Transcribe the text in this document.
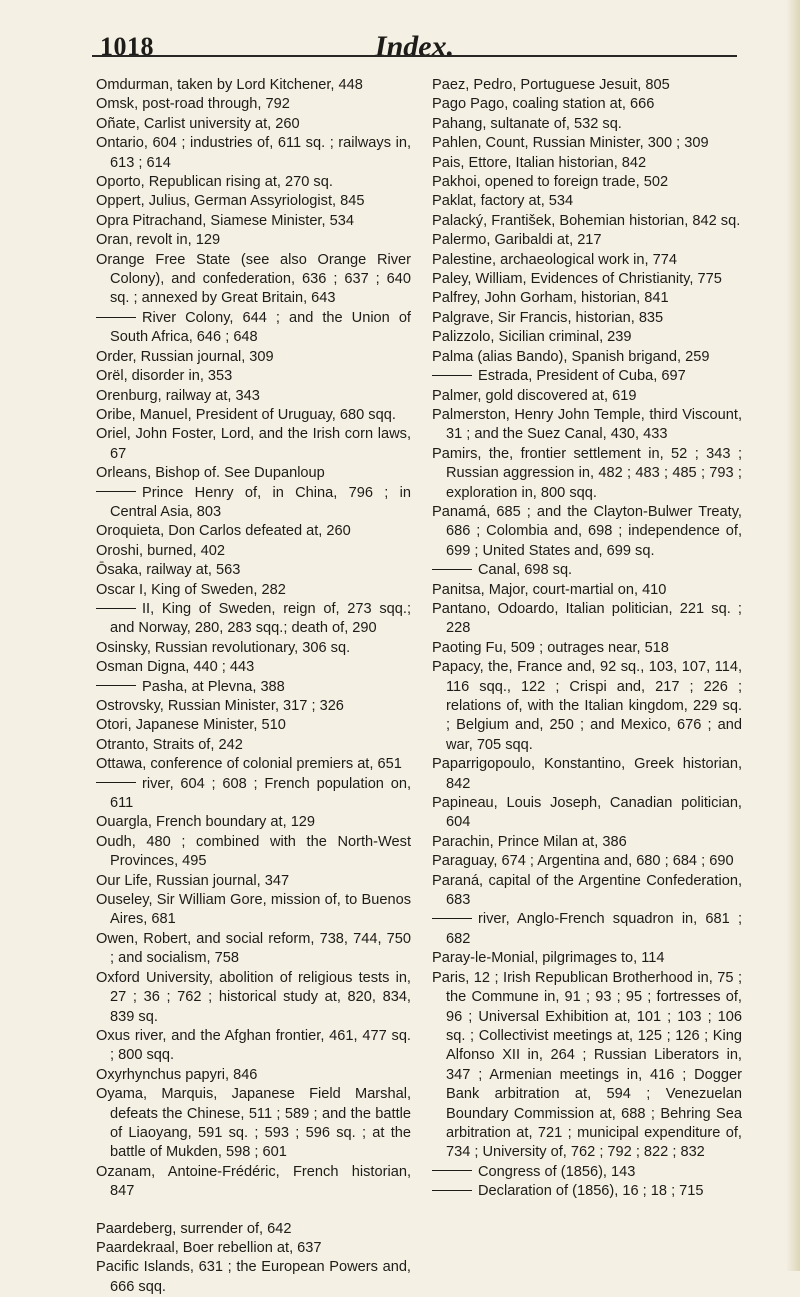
1018	Index.
Omdurman, taken by Lord Kitchener, 448
Omsk, post-road through, 792
Oñate, Carlist university at, 260
Ontario, 604 ; industries of, 611 sq. ; railways in, 613 ; 614
Oporto, Republican rising at, 270 sq.
Oppert, Julius, German Assyriologist, 845
Opra Pitrachand, Siamese Minister, 534
Oran, revolt in, 129
Orange Free State (see also Orange River Colony), and confederation, 636 ; 637 ; 640 sq. ; annexed by Great Britain, 643
River Colony, 644 ; and the Union of South Africa, 646 ; 648
Order, Russian journal, 309
Orël, disorder in, 353
Orenburg, railway at, 343
Oribe, Manuel, President of Uruguay, 680 sqq.
Oriel, John Foster, Lord, and the Irish corn laws, 67
Orleans, Bishop of. See Dupanloup
Prince Henry of, in China, 796 ; in Central Asia, 803
Oroquieta, Don Carlos defeated at, 260
Oroshi, burned, 402
Ōsaka, railway at, 563
Oscar I, King of Sweden, 282
II, King of Sweden, reign of, 273 sqq.; and Norway, 280, 283 sqq.; death of, 290
Osinsky, Russian revolutionary, 306 sq.
Osman Digna, 440 ; 443
Pasha, at Plevna, 388
Ostrovsky, Russian Minister, 317 ; 326
Otori, Japanese Minister, 510
Otranto, Straits of, 242
Ottawa, conference of colonial premiers at, 651
river, 604 ; 608 ; French population on, 611
Ouargla, French boundary at, 129
Oudh, 480 ; combined with the North-West Provinces, 495
Our Life, Russian journal, 347
Ouseley, Sir William Gore, mission of, to Buenos Aires, 681
Owen, Robert, and social reform, 738, 744, 750 ; and socialism, 758
Oxford University, abolition of religious tests in, 27 ; 36 ; 762 ; historical study at, 820, 834, 839 sq.
Oxus river, and the Afghan frontier, 461, 477 sq. ; 800 sqq.
Oxyrhynchus papyri, 846
Oyama, Marquis, Japanese Field Marshal, defeats the Chinese, 511 ; 589 ; and the battle of Liaoyang, 591 sq. ; 593 ; 596 sq. ; at the battle of Mukden, 598 ; 601
Ozanam, Antoine-Frédéric, French historian, 847
Paardeberg, surrender of, 642
Paardekraal, Boer rebellion at, 637
Pacific Islands, 631 ; the European Powers and, 666 sqq.
Paez, Pedro, Portuguese Jesuit, 805
Pago Pago, coaling station at, 666
Pahang, sultanate of, 532 sq.
Pahlen, Count, Russian Minister, 300 ; 309
Pais, Ettore, Italian historian, 842
Pakhoi, opened to foreign trade, 502
Paklat, factory at, 534
Palacký, František, Bohemian historian, 842 sq.
Palermo, Garibaldi at, 217
Palestine, archaeological work in, 774
Paley, William, Evidences of Christianity, 775
Palfrey, John Gorham, historian, 841
Palgrave, Sir Francis, historian, 835
Palizzolo, Sicilian criminal, 239
Palma (alias Bando), Spanish brigand, 259
Estrada, President of Cuba, 697
Palmer, gold discovered at, 619
Palmerston, Henry John Temple, third Viscount, 31 ; and the Suez Canal, 430, 433
Pamirs, the, frontier settlement in, 52 ; 343 ; Russian aggression in, 482 ; 483 ; 485 ; 793 ; exploration in, 800 sqq.
Panamá, 685 ; and the Clayton-Bulwer Treaty, 686 ; Colombia and, 698 ; independence of, 699 ; United States and, 699 sq.
Canal, 698 sq.
Panitsa, Major, court-martial on, 410
Pantano, Odoardo, Italian politician, 221 sq. ; 228
Paoting Fu, 509 ; outrages near, 518
Papacy, the, France and, 92 sq., 103, 107, 114, 116 sqq., 122 ; Crispi and, 217 ; 226 ; relations of, with the Italian kingdom, 229 sq. ; Belgium and, 250 ; and Mexico, 676 ; and war, 705 sqq.
Paparrigopoulo, Konstantino, Greek historian, 842
Papineau, Louis Joseph, Canadian politician, 604
Parachin, Prince Milan at, 386
Paraguay, 674 ; Argentina and, 680 ; 684 ; 690
Paraná, capital of the Argentine Confederation, 683
river, Anglo-French squadron in, 681 ; 682
Paray-le-Monial, pilgrimages to, 114
Paris, 12 ; Irish Republican Brotherhood in, 75 ; the Commune in, 91 ; 93 ; 95 ; fortresses of, 96 ; Universal Exhibition at, 101 ; 103 ; 106 sq. ; Collectivist meetings at, 125 ; 126 ; King Alfonso XII in, 264 ; Russian Liberators in, 347 ; Armenian meetings in, 416 ; Dogger Bank arbitration at, 594 ; Venezuelan Boundary Commission at, 688 ; Behring Sea arbitration at, 721 ; municipal expenditure of, 734 ; University of, 762 ; 792 ; 822 ; 832
Congress of (1856), 143
Declaration of (1856), 16 ; 18 ; 715
